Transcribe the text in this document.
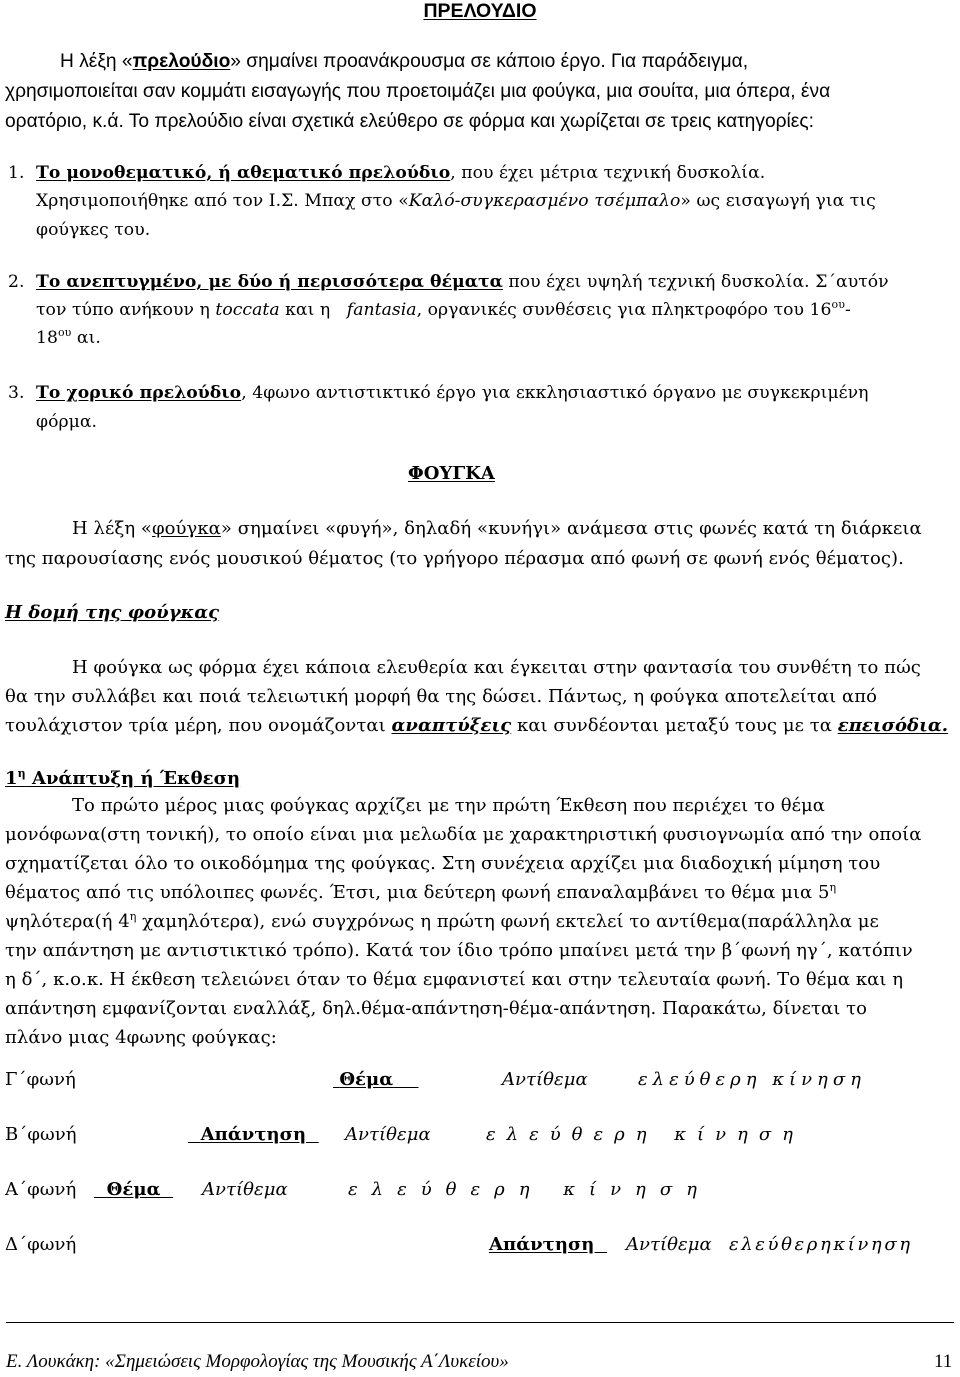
ΠΡΕΛΟΥΔΙΟ
Η λέξη «πρελούδιο» σημαίνει προανάκρουσμα σε κάποιο έργο. Για παράδειγμα,
χρησιμοποιείται σαν κομμάτι εισαγωγής που προετοιμάζει μια φούγκα, μια σουίτα, μια όπερα, ένα
ορατόριο, κ.ά. Το πρελούδιο είναι σχετικά ελεύθερο σε φόρμα και χωρίζεται σε τρεις κατηγορίες:
1. Το μονοθεματικό, ή αθεματικό πρελούδιο, που έχει μέτρια τεχνική δυσκολία.
Χρησιμοποιήθηκε από τον Ι.Σ. Μπαχ στο «Καλό-συγκερασμένο τσέμπαλο» ως εισαγωγή για τις
φούγκες του.
2. Το ανεπτυγμένο, με δύο ή περισσότερα θέματα που έχει υψηλή τεχνική δυσκολία. Σ΄αυτόν
τον τύπο ανήκουν η toccata και η   fantasia, οργανικές συνθέσεις για πληκτροφόρο του $16^{o\upsilon}-$
$18^{o\upsilon}$ αι.
3. Το χορικό πρελούδιο, 4φωνο αντιστικτικό έργο για εκκλησιαστικό όργανο με συγκεκριμένη
φόρμα.
ΦΟΥΓΚΑ
Η λέξη «φούγκα» σημαίνει «φυγή», δηλαδή «κυνήγι» ανάμεσα στις φωνές κατά τη διάρκεια
της παρουσίασης ενός μουσικού θέματος (το γρήγορο πέρασμα από φωνή σε φωνή ενός θέματος).
Η δομή της φούγκας
Η φούγκα ως φόρμα έχει κάποια ελευθερία και έγκειται στην φαντασία του συνθέτη το πώς
θα την συλλάβει και ποιά τελειωτική μορφή θα της δώσει. Πάντως, η φούγκα αποτελείται από
τουλάχιστον τρία μέρη, που ονομάζονται αναπτύξεις και συνδέονται μεταξύ τους με τα επεισόδια.
$1^\eta$ Ανάπτυξη ή Έκθεση
Το πρώτο μέρος μιας φούγκας αρχίζει με την πρώτη Έκθεση που περιέχει το θέμα
μονόφωνα(στη τονική), το οποίο είναι μια μελωδία με χαρακτηριστική φυσιογνωμία από την οποία
σχηματίζεται όλο το οικοδόμημα της φούγκας. Στη συνέχεια αρχίζει μια διαδοχική μίμηση του
θέματος από τις υπόλοιπες φωνές. Έτσι, μια δεύτερη φωνή επαναλαμβάνει το θέμα μια $5^\eta$
ψηλότερα(ή $4^\eta$ χαμηλότερα), ενώ συγχρόνως η πρώτη φωνή εκτελεί το αντίθεμα(παράλληλα με
την απάντηση με αντιστικτικό τρόπο). Κατά τον ίδιο τρόπο μπαίνει μετά την β΄φωνή ηγ΄, κατόπιν
η δ΄, κ.ο.κ. Η έκθεση τελειώνει όταν το θέμα εμφανιστεί και στην τελευταία φωνή. Το θέμα και η
απάντηση εμφανίζονται εναλλάξ, δηλ.θέμα-απάντηση-θέμα-απάντηση. Παρακάτω, δίνεται το
πλάνο μιας 4φωνης φούγκας:
Γ΄φωνή	Θέμα	Αντίθεμα	ελεύθερη κίνηση
Β΄φωνή	Απάντηση	Αντίθεμα	ελεύθερη κίνηση
Α΄φωνή	Θέμα	Αντίθεμα	ελεύθερη κίνηση
Δ΄φωνή	Απάντηση	Αντίθεμα ελεύθερηκίνηση
Ε. Λουκάκη: «Σημειώσεις Μορφολογίας της Μουσικής Α΄Λυκείου»	11
